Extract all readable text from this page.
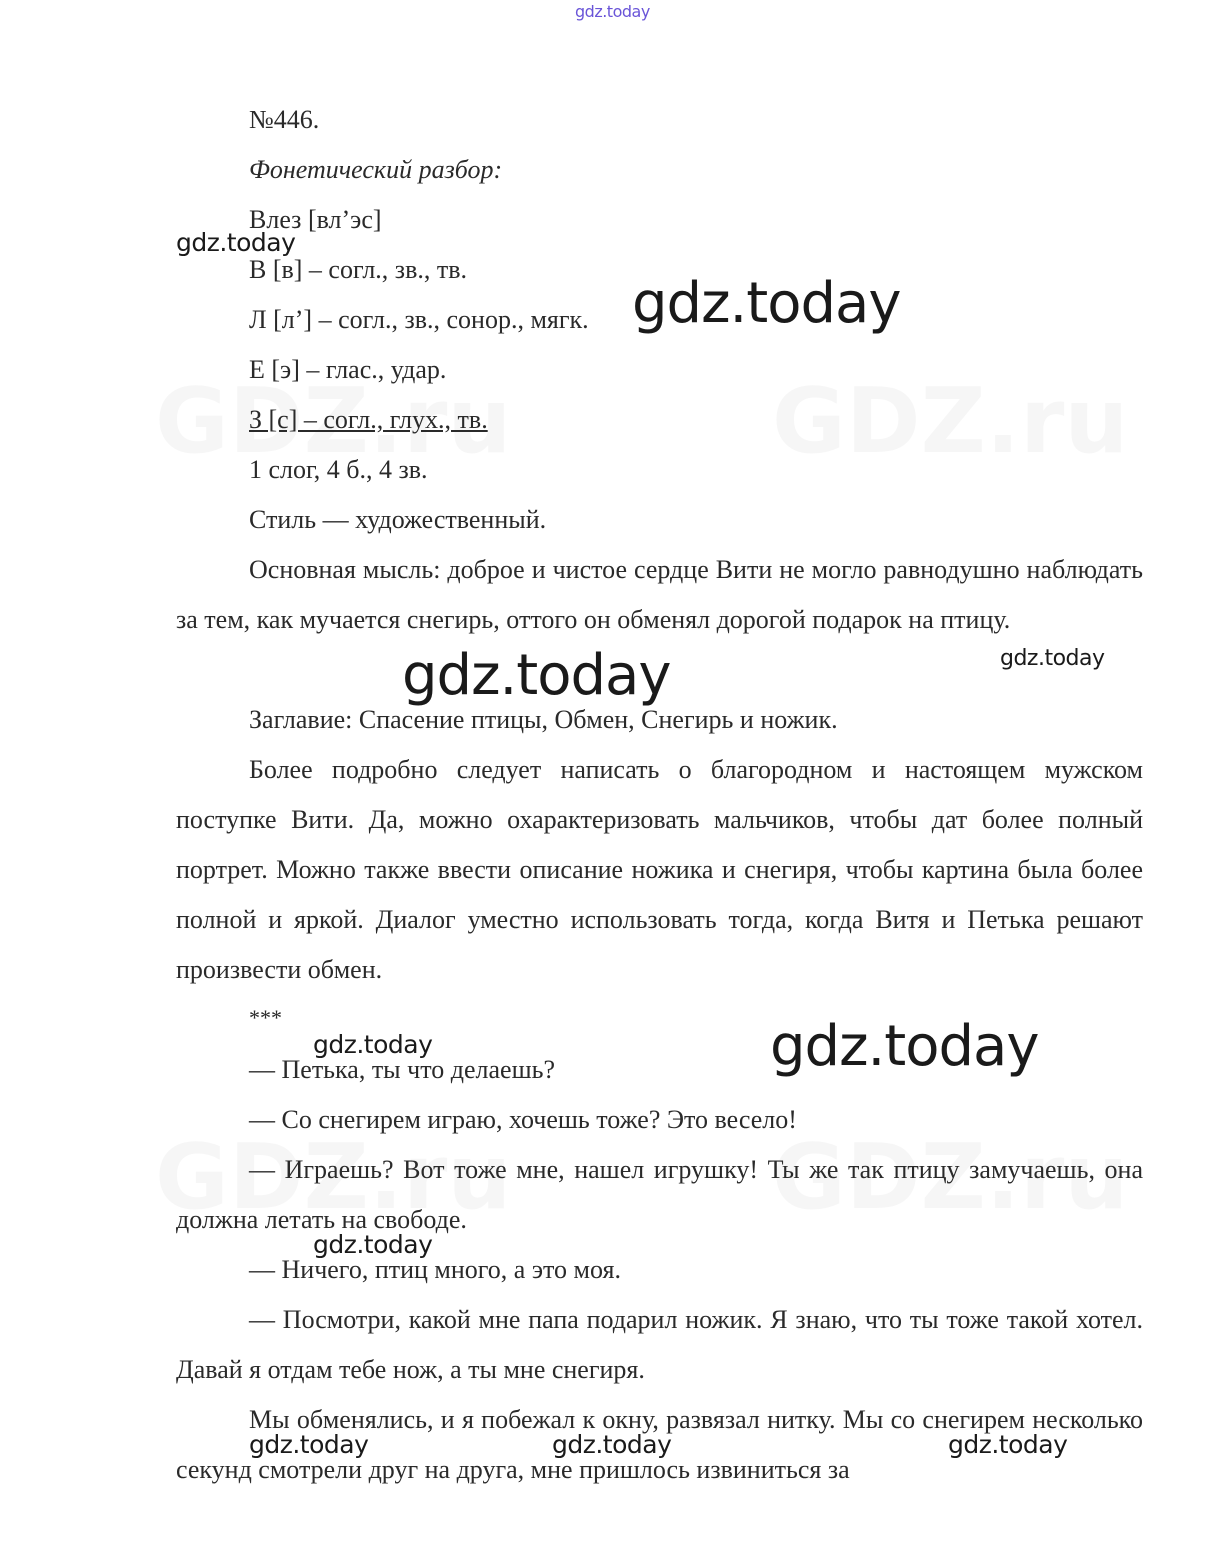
gdz.today
№446.
Фонетический разбор:
Влез [вл’эс]
В [в] – согл., зв., тв.
Л [л’] – согл., зв., сонор., мягк.
Е [э] – глас., удар.
З [с] – согл., глух., тв.
1 слог, 4 б., 4 зв.
Стиль — художественный.
Основная мысль: доброе и чистое сердце Вити не могло равнодушно наблюдать за тем, как мучается снегирь, оттого он обменял дорогой подарок на птицу.
Заглавие: Спасение птицы, Обмен, Снегирь и ножик.
Более подробно следует написать о благородном и настоящем мужском поступке Вити. Да, можно охарактеризовать мальчиков, чтобы дат более полный портрет. Можно также ввести описание ножика и снегиря, чтобы картина была более полной и яркой. Диалог уместно использовать тогда, когда Витя и Петька решают произвести обмен.
***
— Петька, ты что делаешь?
— Со снегирем играю, хочешь тоже? Это весело!
— Играешь? Вот тоже мне, нашел игрушку! Ты же так птицу замучаешь, она должна летать на свободе.
— Ничего, птиц много, а это моя.
— Посмотри, какой мне папа подарил ножик. Я знаю, что ты тоже такой хотел. Давай я отдам тебе нож, а ты мне снегиря.
Мы обменялись, и я побежал к окну, развязал нитку. Мы со снегирем несколько секунд смотрели друг на друга, мне пришлось извиниться за
gdz.today
gdz.today
gdz.today	gdz.today
gdz.today	gdz.today
gdz.today
gdz.today	gdz.today	gdz.today
